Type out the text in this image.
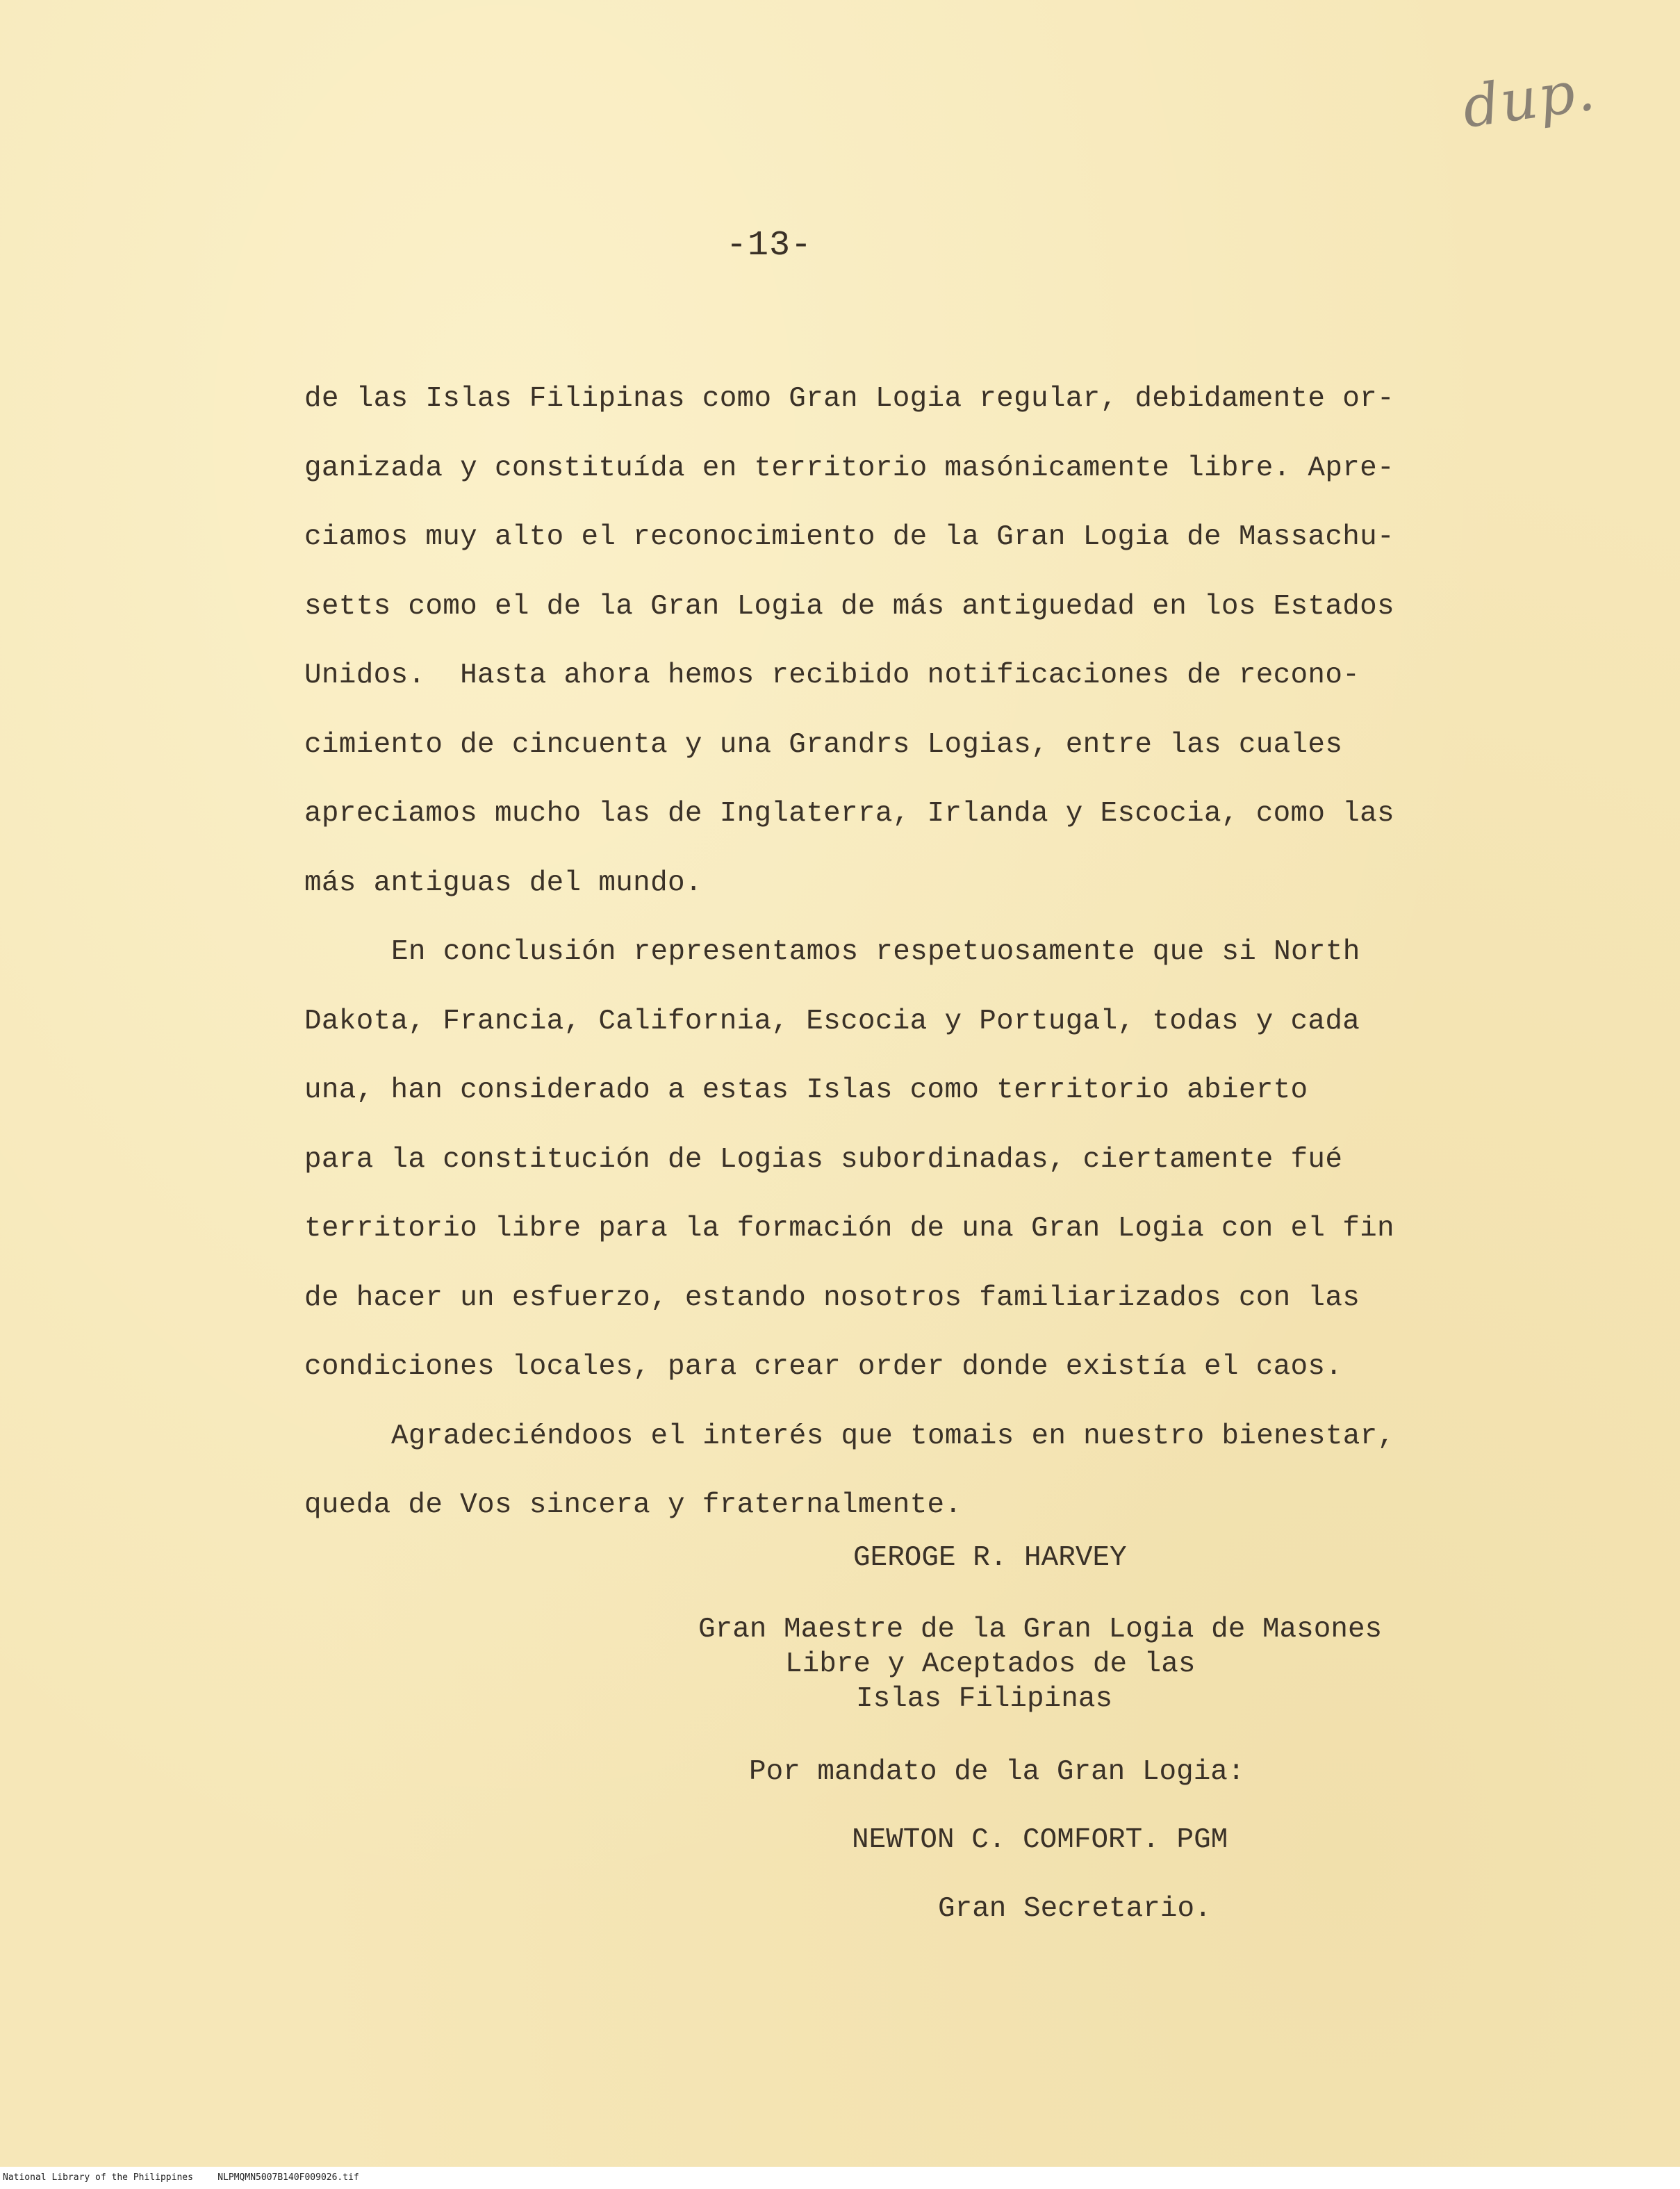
dup.
-13-
de las Islas Filipinas como Gran Logia regular, debidamente or-
ganizada y constituída en territorio masónicamente libre. Apre-
ciamos muy alto el reconocimiento de la Gran Logia de Massachu-
setts como el de la Gran Logia de más antiguedad en los Estados
Unidos.  Hasta ahora hemos recibido notificaciones de recono-
cimiento de cincuenta y una Grandrs Logias, entre las cuales
apreciamos mucho las de Inglaterra, Irlanda y Escocia, como las
más antiguas del mundo.
En conclusión representamos respetuosamente que si North
Dakota, Francia, California, Escocia y Portugal, todas y cada
una, han considerado a estas Islas como territorio abierto
para la constitución de Logias subordinadas, ciertamente fué
territorio libre para la formación de una Gran Logia con el fin
de hacer un esfuerzo, estando nosotros familiarizados con las
condiciones locales, para crear order donde existía el caos.
Agradeciéndoos el interés que tomais en nuestro bienestar,
queda de Vos sincera y fraternalmente.
GEROGE R. HARVEY
Gran Maestre de la Gran Logia de Masones
Libre y Aceptados de las
Islas Filipinas
Por mandato de la Gran Logia:
NEWTON C. COMFORT. PGM
Gran Secretario.
National Library of the Philippines	NLPMQMN5007B140F009026.tif
